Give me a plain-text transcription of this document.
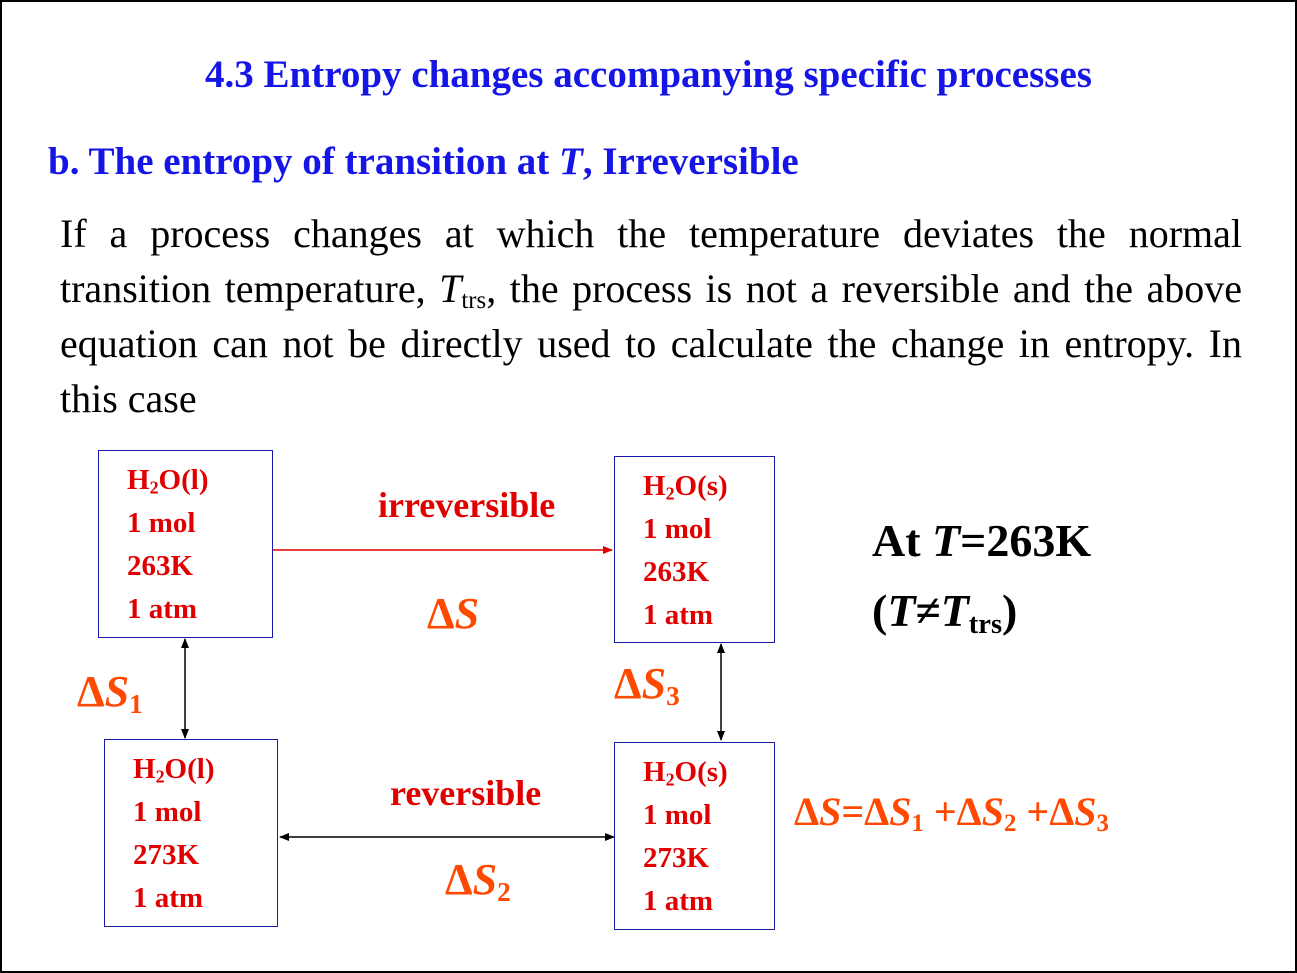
4.3 Entropy changes accompanying specific processes
b. The entropy of transition at T, Irreversible
If a process changes at which the temperature deviates the normal transition temperature, $T_{trs}$, the process is not a reversible and the above equation can not be directly used to calculate the change in entropy. In this case
$H_2O(l)$
1 mol
263K
1 atm
$H_2O(s)$
1 mol
263K
1 atm
$H_2O(l)$
1 mol
273K
1 atm
$H_2O(s)$
1 mol
273K
1 atm
irreversible
reversible
ΔS
$\Delta S_1$
$\Delta S_2$
$\Delta S_3$
At T=263K
$(T\ne T_{trs})$
$\Delta S=\Delta S_1 +\Delta S_2 +\Delta S_3$
